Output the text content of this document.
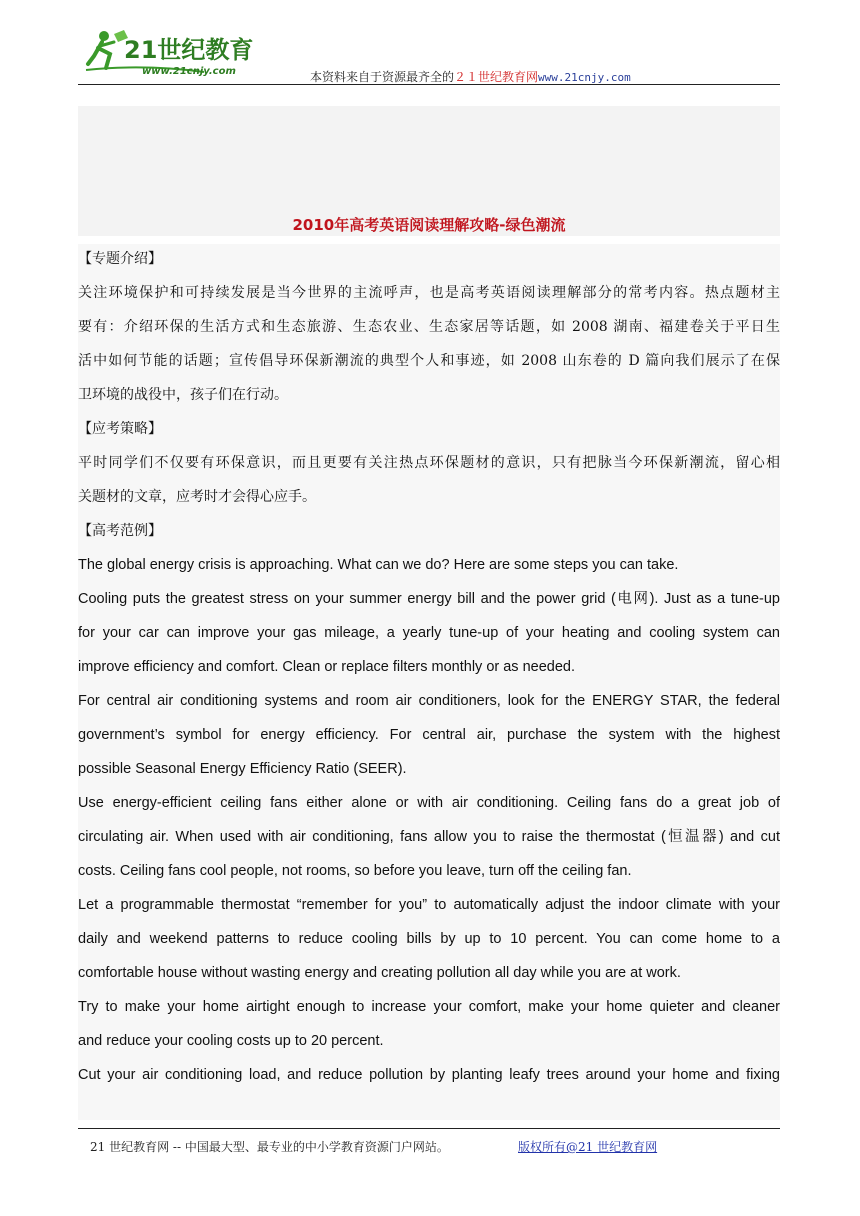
21世纪教育
www.21cnjy.com	本资料来自于资源最齐全的２１世纪教育网www.21cnjy.com
2010年高考英语阅读理解攻略-绿色潮流
【专题介绍】
关注环境保护和可持续发展是当今世界的主流呼声，也是高考英语阅读理解部分的常考内容。热点题材主
要有：介绍环保的生活方式和生态旅游、生态农业、生态家居等话题，如 2008 湖南、福建卷关于平日生
活中如何节能的话题；宣传倡导环保新潮流的典型个人和事迹，如 2008 山东卷的 D 篇向我们展示了在保
卫环境的战役中，孩子们在行动。
【应考策略】
平时同学们不仅要有环保意识，而且更要有关注热点环保题材的意识，只有把脉当今环保新潮流，留心相
关题材的文章，应考时才会得心应手。
【高考范例】
The global energy crisis is approaching. What can we do? Here are some steps you can take.
Cooling puts the greatest stress on your summer energy bill and the power grid (电网). Just as a tune-up
for your car can improve your gas mileage, a yearly tune-up of your heating and cooling system can
improve efficiency and comfort. Clean or replace filters monthly or as needed.
For central air conditioning systems and room air conditioners, look for the ENERGY STAR, the federal
government’s symbol for energy efficiency. For central air, purchase the system with the highest
possible Seasonal Energy Efficiency Ratio (SEER).
Use energy-efficient ceiling fans either alone or with air conditioning. Ceiling fans do a great job of
circulating air. When used with air conditioning, fans allow you to raise the thermostat (恒温器) and cut
costs. Ceiling fans cool people, not rooms, so before you leave, turn off the ceiling fan.
Let a programmable thermostat “remember for you” to automatically adjust the indoor climate with your
daily and weekend patterns to reduce cooling bills by up to 10 percent. You can come home to a
comfortable house without wasting energy and creating pollution all day while you are at work.
Try to make your home airtight enough to increase your comfort, make your home quieter and cleaner
and reduce your cooling costs up to 20 percent.
Cut your air conditioning load, and reduce pollution by planting leafy trees around your home and fixing
21 世纪教育网 -- 中国最大型、最专业的中小学教育资源门户网站。	版权所有@21 世纪教育网
